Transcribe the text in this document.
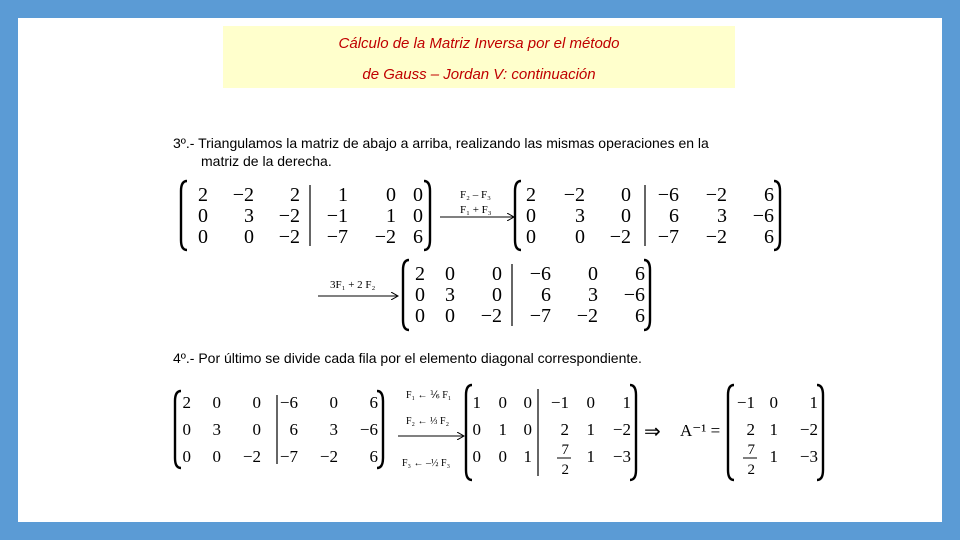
Cálculo de la Matriz Inversa por el método
de Gauss – Jordan V: continuación
3º.- Triangulamos la matriz de abajo a arriba, realizando las mismas operaciones en la
matriz de la derecha.
4º.- Por último se divide cada fila por el elemento diagonal correspondiente.
F₂ – F₃
F₁ + F₃
3F₁ + 2 F₂
F₁ ← ⅙ F₁
F₂ ← ⅓ F₂
F₃ ← –½ F₃
⇒ A⁻¹ =
2 −2 2 1 0 0
0 3 −2 −1 1 0
0 0 −2 −7 −2 6
2 −2 0 −6 −2 6
0 3 0 6 3 −6
0 0 −2 −7 −2 6
2 0 0 −6 0 6
0 3 0 6 3 −6
0 0 −2 −7 −2 6
2 0 0 −6 0 6
0 3 0 6 3 −6
0 0 −2 −7 −2 6
1 0 0 −1 0 1
0 1 0 2 1 −2
0 0 1 7
2
1 −3
−1 0 1
2 1 −2
7
2
1 −3
